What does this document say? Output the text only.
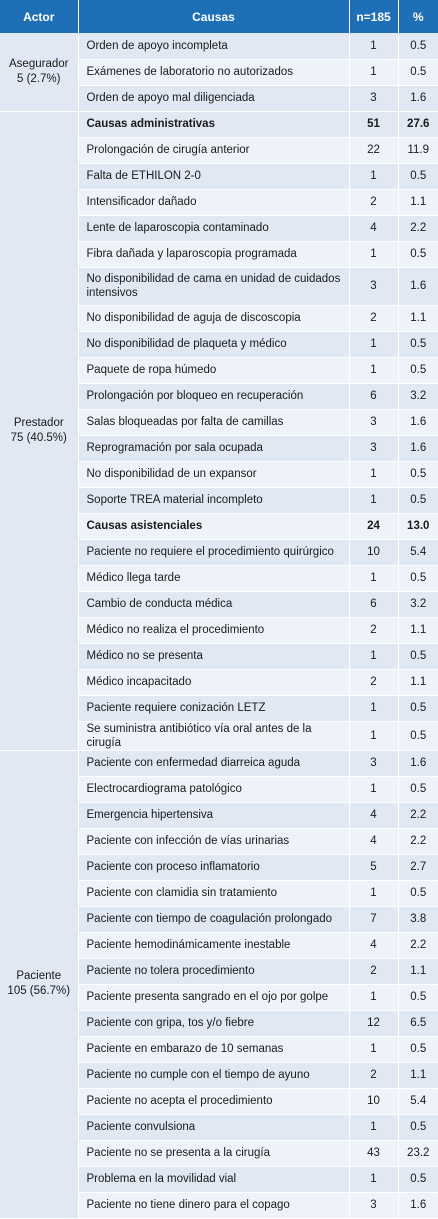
Actor	Causas	n=185	%

Asegurador
5 (2.7%)	Orden de apoyo incompleta	1	0.5
	Exámenes de laboratorio no autorizados	1	0.5
	Orden de apoyo mal diligenciada	3	1.6

Prestador
75 (40.5%)	Causas administrativas	51	27.6
	Prolongación de cirugía anterior	22	11.9
	Falta de ETHILON 2-0	1	0.5
	Intensificador dañado	2	1.1
	Lente de laparoscopia contaminado	4	2.2
	Fibra dañada y laparoscopia programada	1	0.5
	No disponibilidad de cama en unidad de cuidados intensivos	3	1.6
	No disponibilidad de aguja de discoscopia	2	1.1
	No disponibilidad de plaqueta y médico	1	0.5
	Paquete de ropa húmedo	1	0.5
	Prolongación por bloqueo en recuperación	6	3.2
	Salas bloqueadas por falta de camillas	3	1.6
	Reprogramación por sala ocupada	3	1.6
	No disponibilidad de un expansor	1	0.5
	Soporte TREA material incompleto	1	0.5
	Causas asistenciales	24	13.0
	Paciente no requiere el procedimiento quirúrgico	10	5.4
	Médico llega tarde	1	0.5
	Cambio de conducta médica	6	3.2
	Médico no realiza el procedimiento	2	1.1
	Médico no se presenta	1	0.5
	Médico incapacitado	2	1.1
	Paciente requiere conización LETZ	1	0.5
	Se suministra antibiótico vía oral antes de la cirugía	1	0.5

Paciente
105 (56.7%)	Paciente con enfermedad diarreica aguda	3	1.6
	Electrocardiograma patológico	1	0.5
	Emergencia hipertensiva	4	2.2
	Paciente con infección de vías urinarias	4	2.2
	Paciente con proceso inflamatorio	5	2.7
	Paciente con clamidia sin tratamiento	1	0.5
	Paciente con tiempo de coagulación prolongado	7	3.8
	Paciente hemodinámicamente inestable	4	2.2
	Paciente no tolera procedimiento	2	1.1
	Paciente presenta sangrado en el ojo por golpe	1	0.5
	Paciente con gripa, tos y/o fiebre	12	6.5
	Paciente en embarazo de 10 semanas	1	0.5
	Paciente no cumple con el tiempo de ayuno	2	1.1
	Paciente no acepta el procedimiento	10	5.4
	Paciente convulsiona	1	0.5
	Paciente no se presenta a la cirugía	43	23.2
	Problema en la movilidad vial	1	0.5
	Paciente no tiene dinero para el copago	3	1.6
